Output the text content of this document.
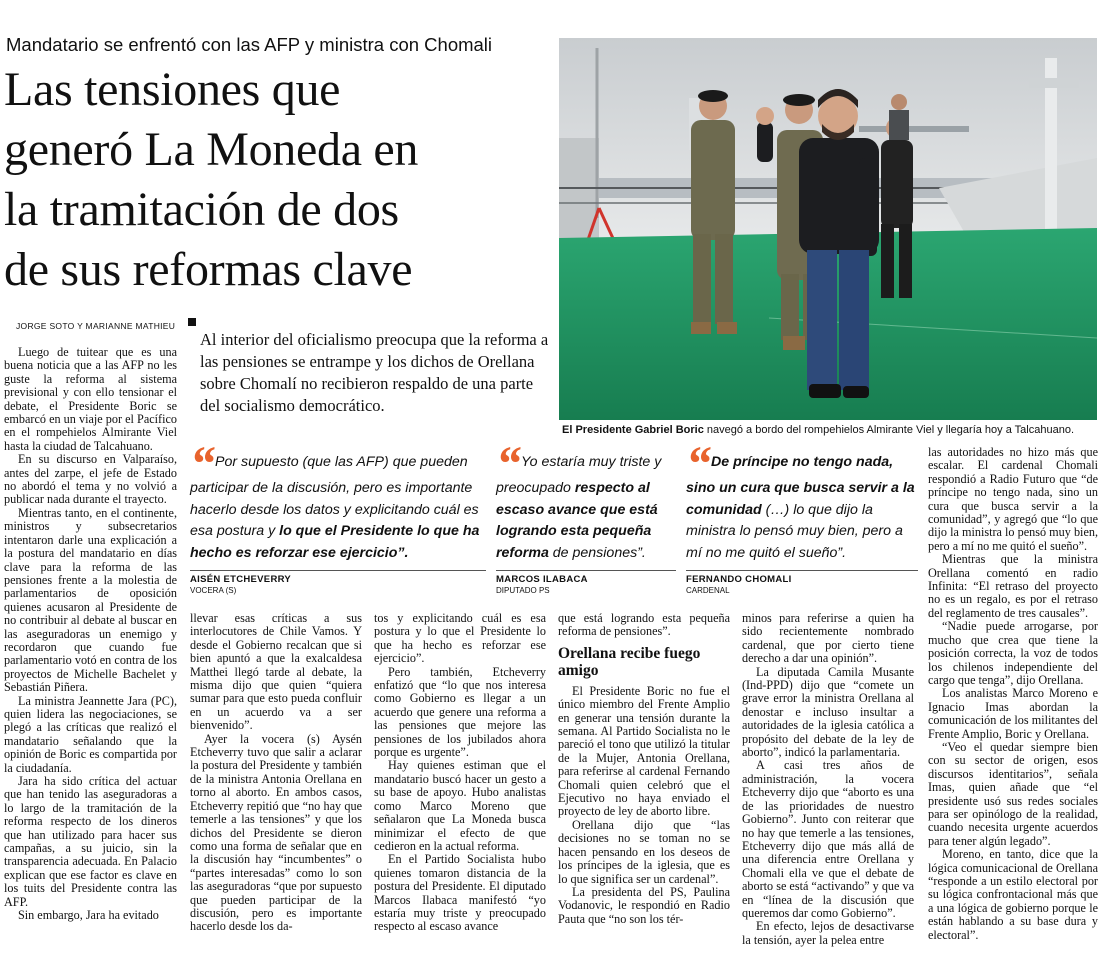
Mandatario se enfrentó con las AFP y ministra con Chomali
Las tensiones que
generó La Moneda en
la tramitación de dos
de sus reformas clave
El Presidente Gabriel Boric navegó a bordo del rompehielos Almirante Viel y llegaría hoy a Talcahuano.
JORGE SOTO Y MARIANNE MATHIEU
Al interior del oficialismo preocupa que la reforma a las pensiones se entrampe y los dichos de Orellana sobre Chomalí no recibieron respaldo de una parte del socialismo democrático.

Luego de tuitear que es una buena noticia que a las AFP no les guste la reforma al sistema previsional y con ello tensionar el debate, el Presidente Boric se embarcó en un viaje por el Pacífico en el rompehielos Almirante Viel hasta la ciudad de Talcahuano.

En su discurso en Valparaíso, antes del zarpe, el jefe de Estado no abordó el tema y no volvió a publicar nada durante el trayecto.

Mientras tanto, en el continente, ministros y subsecretarios intentaron darle una explicación a la postura del mandatario en días clave para la reforma de las pensiones frente a la molestia de parlamentarios de oposición quienes acusaron al Presidente de no contribuir al debate al buscar en las aseguradoras un enemigo y recordaron que cuando fue parlamentario votó en contra de los proyectos de Michelle Bachelet y Sebastián Piñera.

La ministra Jeannette Jara (PC), quien lidera las negociaciones, se plegó a las críticas que realizó el mandatario señalando que la opinión de Boric es compartida por la ciudadanía.

Jara ha sido crítica del actuar que han tenido las aseguradoras a lo largo de la tramitación de la reforma respecto de los dineros que han utilizado para hacer sus campañas, a su juicio, sin la transparencia adecuada. En Palacio explican que ese factor es clave en los tuits del Presidente contra las AFP.

Sin embargo, Jara ha evitado

“ Por supuesto (que las AFP) que pueden participar de la discusión, pero es importante hacerlo desde los datos y explicitando cuál es esa postura y lo que el Presidente lo que ha hecho es reforzar ese ejercicio”.
AISÉN ETCHEVERRY
VOCERA (S)
“ Yo estaría muy triste y preocupado respecto al escaso avance que está logrando esta pequeña reforma de pensiones”.
MARCOS ILABACA
DIPUTADO PS
“ De príncipe no tengo nada, sino un cura que busca servir a la comunidad (…) lo que dijo la ministra lo pensó muy bien, pero a mí no me quitó el sueño”.
FERNANDO CHOMALI
CARDENAL

llevar esas críticas a sus interlocutores de Chile Vamos. Y desde el Gobierno recalcan que si bien apuntó a que la exalcaldesa Matthei llegó tarde al debate, la misma dijo que quien “quiera sumar para que esto pueda confluir en un acuerdo va a ser bienvenido”.

Ayer la vocera (s) Aysén Etcheverry tuvo que salir a aclarar la postura del Presidente y también de la ministra Antonia Orellana en torno al aborto. En ambos casos, Etcheverry repitió que “no hay que temerle a las tensiones” y que los dichos del Presidente se dieron como una forma de señalar que en la discusión hay “incumbentes” o “partes interesadas” como lo son las aseguradoras “que por supuesto que pueden participar de la discusión, pero es importante hacerlo desde los da-

tos y explicitando cuál es esa postura y lo que el Presidente lo que ha hecho es reforzar ese ejercicio”.

Pero también, Etcheverry enfatizó que “lo que nos interesa como Gobierno es llegar a un acuerdo que genere una reforma a las pensiones que mejore las pensiones de los jubilados ahora porque es urgente”.

Hay quienes estiman que el mandatario buscó hacer un gesto a su base de apoyo. Hubo analistas como Marco Moreno que señalaron que La Moneda busca minimizar el efecto de que cedieron en la actual reforma.

En el Partido Socialista hubo quienes tomaron distancia de la postura del Presidente. El diputado Marcos Ilabaca manifestó “yo estaría muy triste y preocupado respecto al escaso avance

que está logrando esta pequeña reforma de pensiones”.

Orellana recibe fuego amigo

El Presidente Boric no fue el único miembro del Frente Amplio en generar una tensión durante la semana. Al Partido Socialista no le pareció el tono que utilizó la titular de la Mujer, Antonia Orellana, para referirse al cardenal Fernando Chomali quien celebró que el Ejecutivo no haya enviado el proyecto de ley de aborto libre.

Orellana dijo que “las decisiones no se toman no se hacen pensando en los deseos de los príncipes de la iglesia, que es lo que significa ser un cardenal”.

La presidenta del PS, Paulina Vodanovic, le respondió en Radio Pauta que “no son los tér-

minos para referirse a quien ha sido recientemente nombrado cardenal, que por cierto tiene derecho a dar una opinión”.

La diputada Camila Musante (Ind-PPD) dijo que “comete un grave error la ministra Orellana al denostar e incluso insultar a autoridades de la iglesia católica a propósito del debate de la ley de aborto”, indicó la parlamentaria.

A casi tres años de administración, la vocera Etcheverry dijo que “aborto es una de las prioridades de nuestro Gobierno”. Junto con reiterar que no hay que temerle a las tensiones, Etcheverry dijo que más allá de una diferencia entre Orellana y Chomali ella ve que el debate de aborto se está “activando” y que va en “línea de la discusión que queremos dar como Gobierno”.

En efecto, lejos de desactivarse la tensión, ayer la pelea entre

las autoridades no hizo más que escalar. El cardenal Chomali respondió a Radio Futuro que “de príncipe no tengo nada, sino un cura que busca servir a la comunidad”, y agregó que “lo que dijo la ministra lo pensó muy bien, pero a mí no me quitó el sueño”.

Mientras que la ministra Orellana comentó en radio Infinita: “El retraso del proyecto no es un regalo, es por el retraso del reglamento de tres causales”.

“Nadie puede arrogarse, por mucho que crea que tiene la posición correcta, la voz de todos los chilenos independiente del cargo que tenga”, dijo Orellana.

Los analistas Marco Moreno e Ignacio Imas abordan la comunicación de los militantes del Frente Amplio, Boric y Orellana.

“Veo el quedar siempre bien con su sector de origen, esos discursos identitarios”, señala Imas, quien añade que “el presidente usó sus redes sociales para ser opinólogo de la realidad, cuando necesita urgente acuerdos para tener algún legado”.

Moreno, en tanto, dice que la lógica comunicacional de Orellana “responde a un estilo electoral por su lógica confrontacional más que a una lógica de gobierno porque le están hablando a su base dura y electoral”.
